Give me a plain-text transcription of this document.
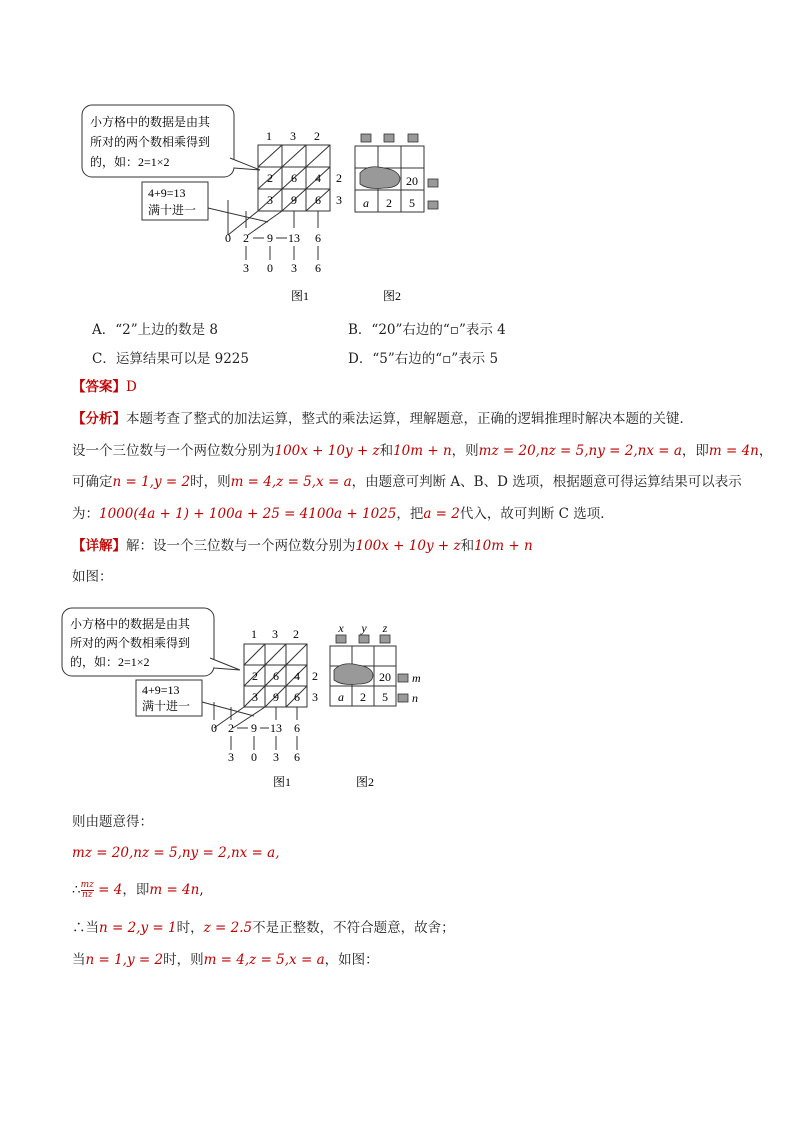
小方格中的数据是由其
所对的两个数相乘得到
的，如：2=1×2
1 3 2
2 6 4
3 9 6
2
3
4+9=13
满十进一
0 2 9 13 6
3 0 3 6
20
a 2 5
图1	图2
A．“2”上边的数是 8	B．“20”右边的“▫”表示 4
C．运算结果可以是 9225	D．“5”右边的“▫”表示 5
【答案】D
【分析】本题考查了整式的加法运算，整式的乘法运算，理解题意，正确的逻辑推理时解决本题的关键．
设一个三位数与一个两位数分别为100x + 10y + z和10m + n，则mz = 20,nz = 5,ny = 2,nx = a，即m = 4n，
可确定n = 1,y = 2时，则m = 4,z = 5,x = a，由题意可判断 A、B、D 选项，根据题意可得运算结果可以表示
为：1000(4a + 1) + 100a + 25 = 4100a + 1025，把a = 2代入，故可判断 C 选项．
【详解】解：设一个三位数与一个两位数分别为100x + 10y + z和10m + n
如图：
小方格中的数据是由其
所对的两个数相乘得到
的，如：2=1×2
1 3 2
2 6 4
3 9 6
2
3
4+9=13
满十进一
0 2 9 13 6
3 0 3 6
x y z
m
n
20
a 2 5
图1	图2
则由题意得：
mz = 20,nz = 5,ny = 2,nx = a,
∴ $\frac{mz}{nz} = 4$，即m = 4n,
∴当n = 2,y = 1时，z = 2.5不是正整数，不符合题意，故舍；
当n = 1,y = 2时，则m = 4,z = 5,x = a，如图：
